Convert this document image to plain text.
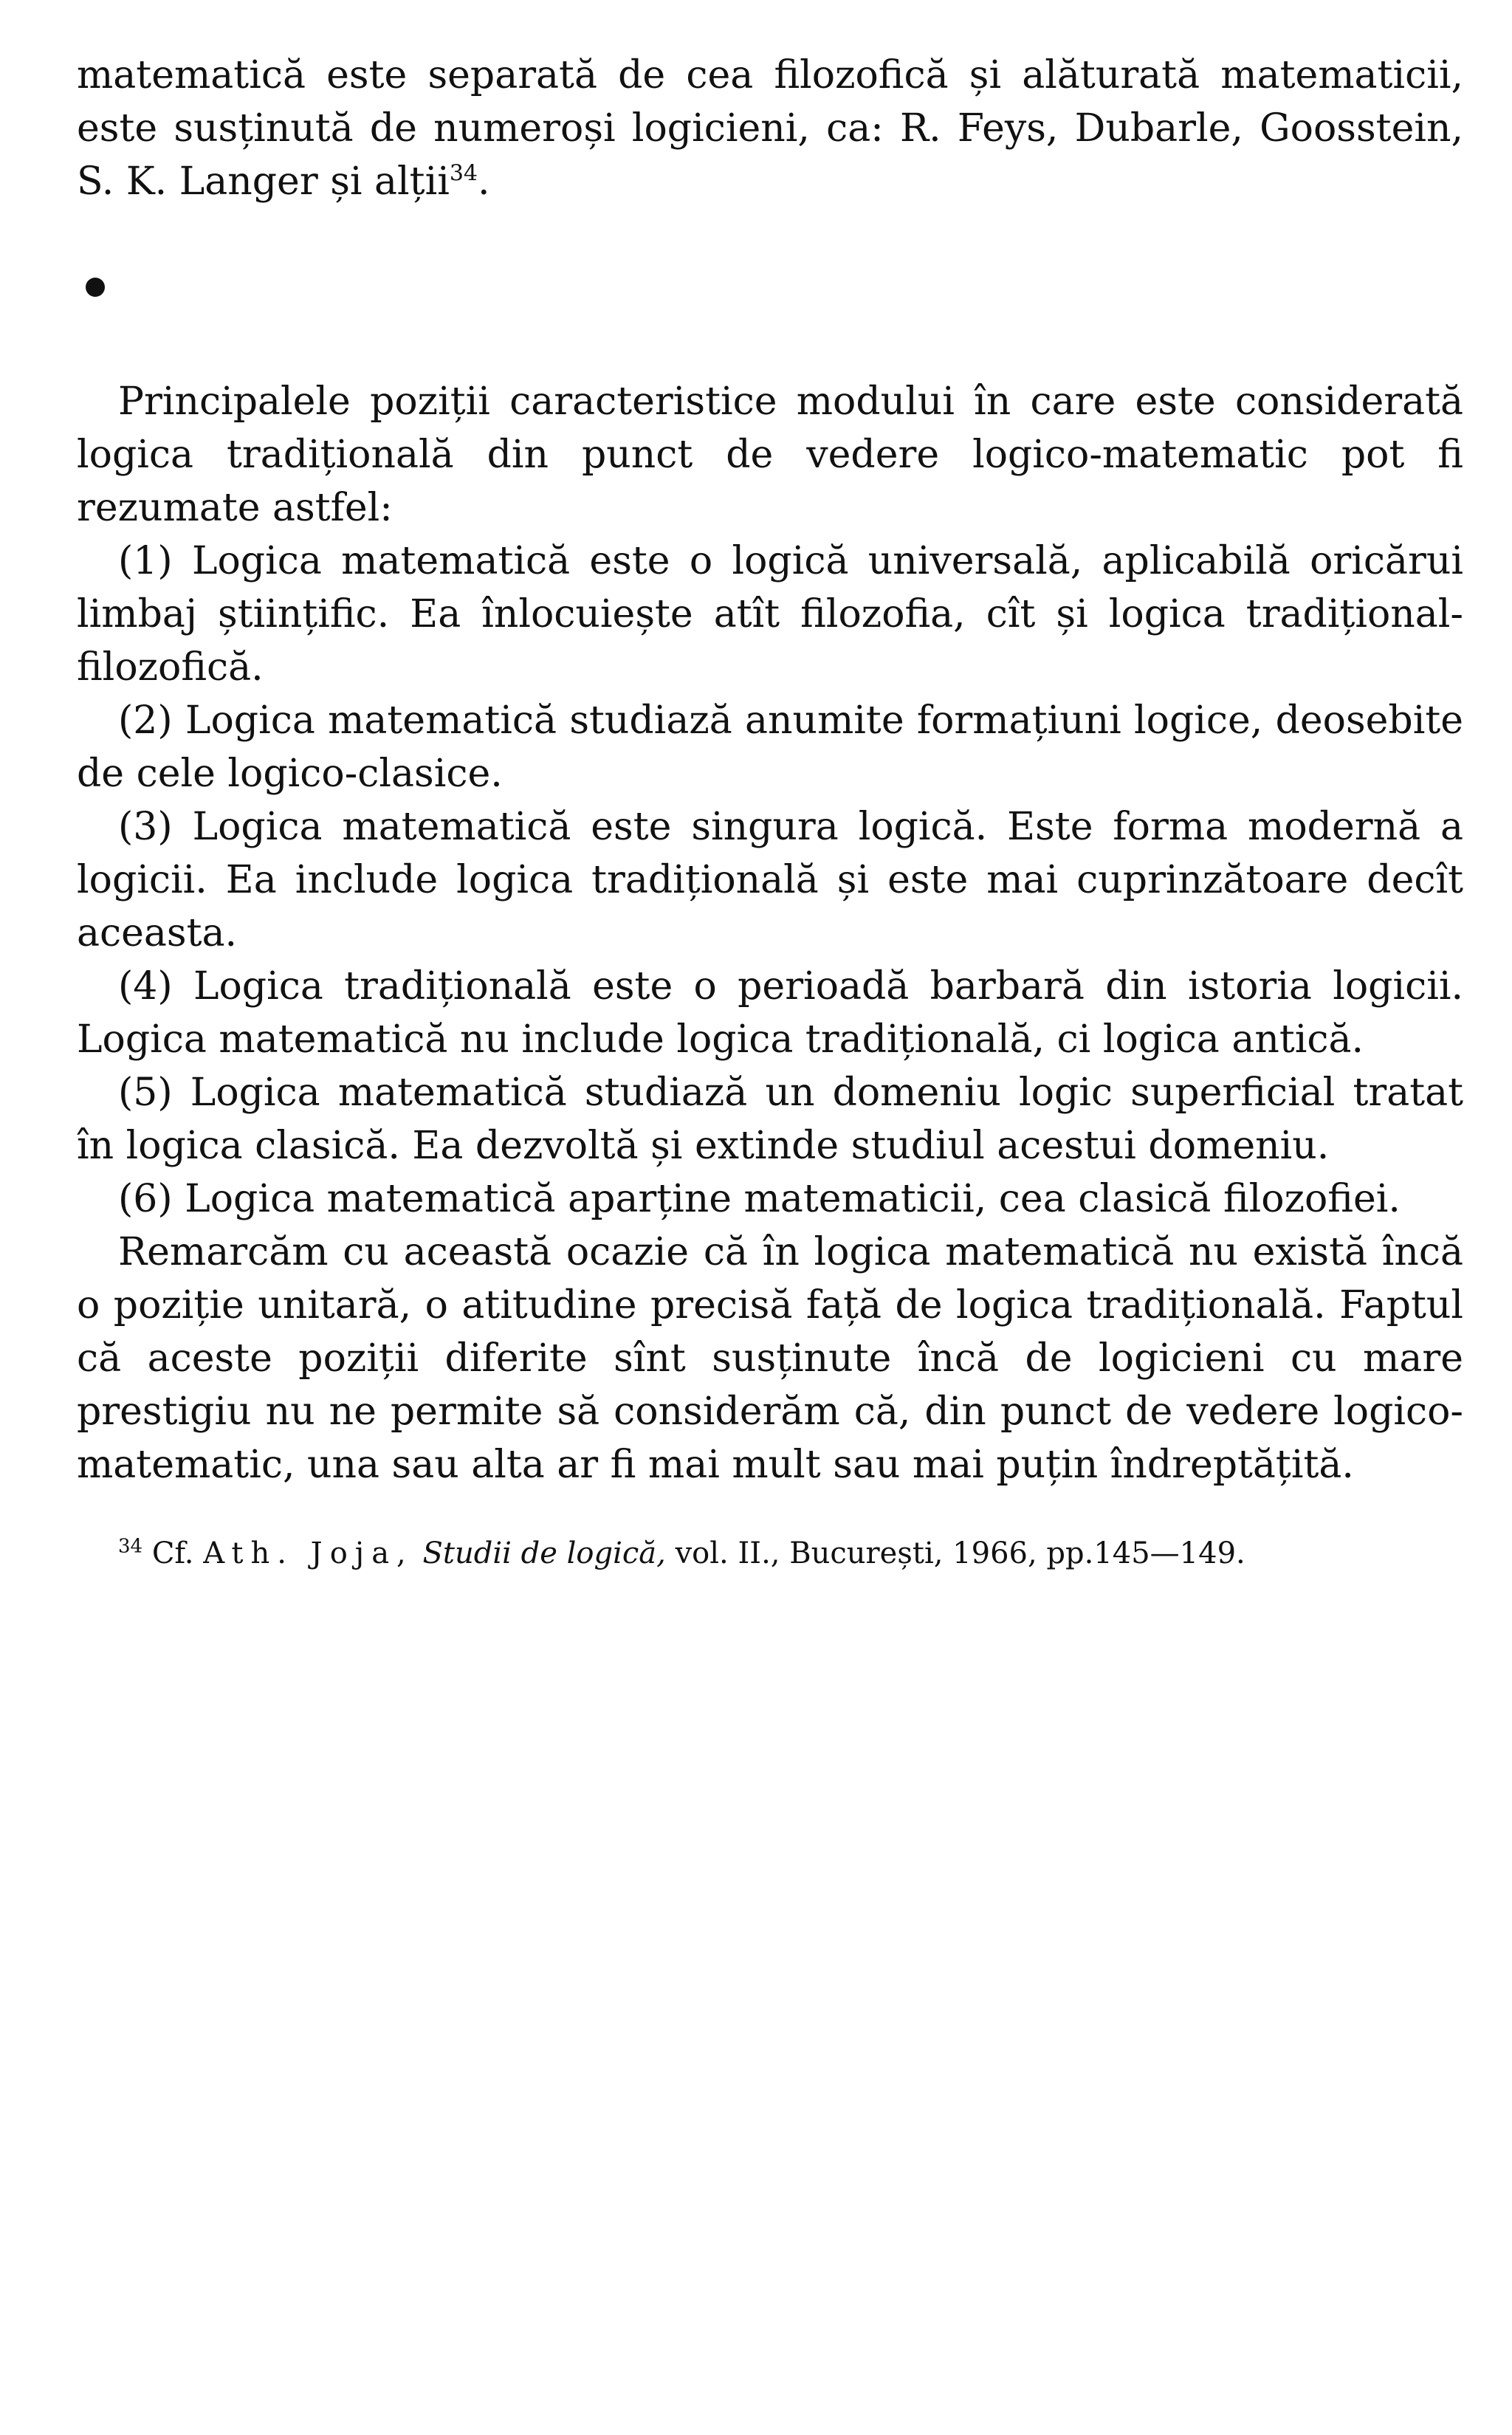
matematică este separată de cea filozofică și alăturată matematicii, este susținută de numeroși logicieni, ca: R. Feys, Dubarle, Goosstein, S. K. Langer și alții$^{34}$.

Principalele poziții caracteristice modului în care este considerată logica tradițională din punct de vedere logico-matematic pot fi rezumate astfel:

(1) Logica matematică este o logică universală, aplicabilă oricărui limbaj științific. Ea înlocuiește atît filozofia, cît și logica tradițional-filozofică.

(2) Logica matematică studiază anumite formațiuni logice, deosebite de cele logico-clasice.

(3) Logica matematică este singura logică. Este forma modernă a logicii. Ea include logica tradițională și este mai cuprinzătoare decît aceasta.

(4) Logica tradițională este o perioadă barbară din istoria logicii. Logica matematică nu include logica tradițională, ci logica antică.

(5) Logica matematică studiază un domeniu logic superficial tratat în logica clasică. Ea dezvoltă și extinde studiul acestui domeniu.

(6) Logica matematică aparține matematicii, cea clasică filozofiei.

Remarcăm cu această ocazie că în logica matematică nu există încă o poziție unitară, o atitudine precisă față de logica tradițională. Faptul că aceste poziții diferite sînt susținute încă de logicieni cu mare prestigiu nu ne permite să considerăm că, din punct de vedere logico-matematic, una sau alta ar fi mai mult sau mai puțin îndreptățită.

$^{34}$ Cf. Ath. Joja, Studii de logică, vol. II., București, 1966, pp.145—149.
